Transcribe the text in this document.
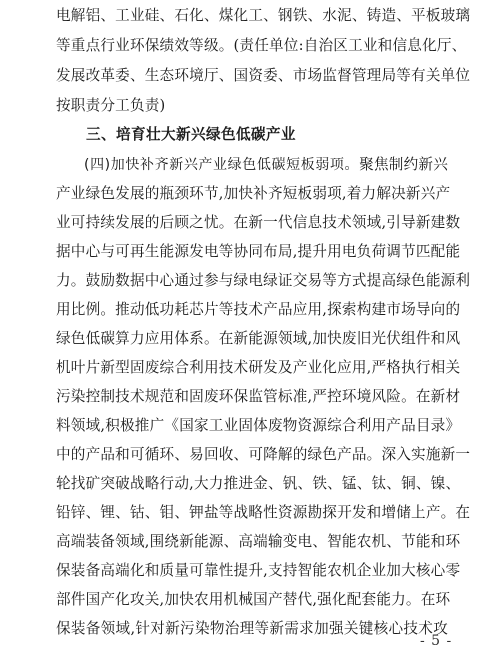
电解铝、工业硅、石化、煤化工、钢铁、水泥、铸造、平板玻璃
等重点行业环保绩效等级。(责任单位:自治区工业和信息化厅、
发展改革委、生态环境厅、国资委、市场监督管理局等有关单位
按职责分工负责)
三、培育壮大新兴绿色低碳产业
(四)加快补齐新兴产业绿色低碳短板弱项。聚焦制约新兴
产业绿色发展的瓶颈环节,加快补齐短板弱项,着力解决新兴产
业可持续发展的后顾之忧。在新一代信息技术领域,引导新建数
据中心与可再生能源发电等协同布局,提升用电负荷调节匹配能
力。鼓励数据中心通过参与绿电绿证交易等方式提高绿色能源利
用比例。推动低功耗芯片等技术产品应用,探索构建市场导向的
绿色低碳算力应用体系。在新能源领域,加快废旧光伏组件和风
机叶片新型固废综合利用技术研发及产业化应用,严格执行相关
污染控制技术规范和固废环保监管标准,严控环境风险。在新材
料领域,积极推广《国家工业固体废物资源综合利用产品目录》
中的产品和可循环、易回收、可降解的绿色产品。深入实施新一
轮找矿突破战略行动,大力推进金、钒、铁、锰、钛、铜、镍、
铅锌、锂、钴、钼、钾盐等战略性资源勘探开发和增储上产。在
高端装备领域,围绕新能源、高端输变电、智能农机、节能和环
保装备高端化和质量可靠性提升,支持智能农机企业加大核心零
部件国产化攻关,加快农用机械国产替代,强化配套能力。在环
保装备领域,针对新污染物治理等新需求加强关键核心技术攻
- 5 -
